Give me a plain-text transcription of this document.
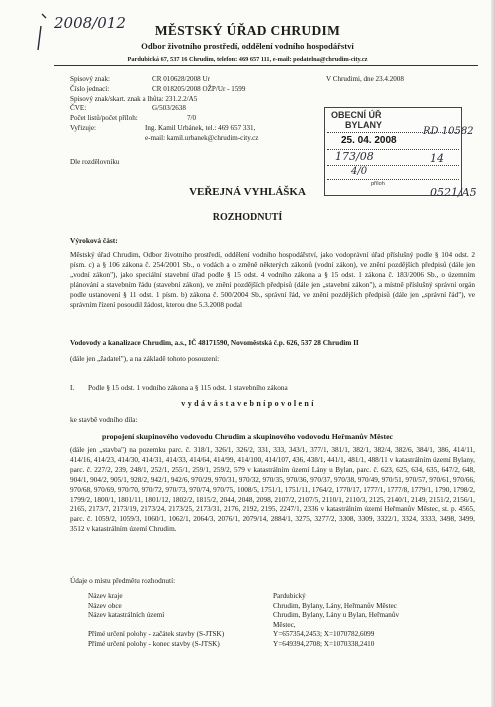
2008/012	MĚSTSKÝ ÚŘAD CHRUDIM
Odbor životního prostředí, oddělení vodního hospodářství
Pardubická 67, 537 16 Chrudim, telefon: 469 657 111, e-mail: podatelna@chrudim-city.cz
Spisový znak:	CR 010628/2008 Ur
Číslo jednací:	CR 018205/2008 OŽP/Ur - 1599
Spisový znak/skart. znak a lhůta:
231.2.2/A5
ČVE:	G/503/2638
Počet listů/počet příloh:	7/0
Vyřizuje:	Ing. Kamil Urbánek, tel.: 469 657 331,
e-mail: kamil.urbanek@chrudim-city.cz
V Chrudimi, dne 23.4.2008
OBECNÍ ÚŘ
BYLANY
25. 04. 2008
173/08
4/0
příloh
RD 10582
14
0521/A5
Dle rozdělovníku
VEŘEJNÁ VYHLÁŠKA
ROZHODNUTÍ
Výroková část:
Městský úřad Chrudim, Odbor životního prostředí, oddělení vodního hospodářství, jako vodoprávní úřad příslušný podle § 104 odst. 2 písm. c) a § 106 zákona č. 254/2001 Sb., o vodách a o změně některých zákonů (vodní zákon), ve znění pozdějších předpisů (dále jen „vodní zákon"), jako speciální stavební úřad podle § 15 odst. 4 vodního zákona a § 15 odst. 1 zákona č. 183/2006 Sb., o územním plánování a stavebním řádu (stavební zákon), ve znění pozdějších předpisů (dále jen „stavební zákon"), a místně příslušný správní orgán podle ustanovení § 11 odst. 1 písm. b) zákona č. 500/2004 Sb., správní řád, ve znění pozdějších předpisů (dále jen „správní řád"), ve správním řízení posoudil žádost, kterou dne 5.3.2008 podal
Vodovody a kanalizace Chrudim, a.s., IČ 48171590, Novoměstská č.p. 626, 537 28 Chrudim II
(dále jen „žadatel"), a na základě tohoto posouzení:
I. Podle § 15 odst. 1 vodního zákona a § 115 odst. 1 stavebního zákona
v y d á v á s t a v e b n í p o v o l e n í
ke stavbě vodního díla:
propojení skupinového vodovodu Chrudim a skupinového vodovodu Heřmanův Městec
(dále jen „stavba") na pozemku parc. č. 318/1, 326/1, 326/2, 331, 333, 343/1, 377/1, 381/1, 382/1, 382/4, 382/6, 384/1, 386, 414/11, 414/16, 414/23, 414/30, 414/31, 414/33, 414/64, 414/99, 414/100, 414/107, 436, 438/1, 441/1, 481/1, 488/11 v katastrálním území Bylany, parc. č. 227/2, 239, 248/1, 252/1, 255/1, 259/1, 259/2, 579 v katastrálním území Lány u Bylan, parc. č. 623, 625, 634, 635, 647/2, 648, 904/1, 904/2, 905/1, 928/2, 942/1, 942/6, 970/29, 970/31, 970/32, 970/35, 970/36, 970/37, 970/38, 970/49, 970/51, 970/57, 970/61, 970/66, 970/68, 970/69, 970/70, 970/72, 970/73, 970/74, 970/75, 1008/5, 1751/1, 1751/11, 1764/2, 1770/17, 1777/1, 1777/8, 1779/1, 1790, 1798/2, 1799/2, 1800/1, 1801/11, 1801/12, 1802/2, 1815/2, 2044, 2048, 2098, 2107/2, 2107/5, 2110/1, 2110/3, 2125, 2140/1, 2149, 2151/2, 2156/1, 2165, 2173/7, 2173/19, 2173/24, 2173/25, 2173/31, 2176, 2192, 2195, 2247/1, 2336 v katastrálním území Heřmanův Městec, st. p. 4565, parc. č. 1059/2, 1059/3, 1060/1, 1062/1, 2064/3, 2076/1, 2079/14, 2884/1, 3275, 3277/2, 3308, 3309, 3322/1, 3324, 3333, 3498, 3499, 3512 v katastrálním území Chrudim.
Údaje o místu předmětu rozhodnutí:
Název kraje	Pardubický
Název obce	Chrudim, Bylany, Lány, Heřmanův Městec
Název katastrálních území	Chrudim, Bylany, Lány u Bylan, Heřmanův
Městec,
Přímé určení polohy - začátek stavby (S-JTSK)	Y=657354,2453; X=1070782,6099
Přímé určení polohy - konec stavby (S-JTSK)	Y=649394,2708; X=1070338,2410
